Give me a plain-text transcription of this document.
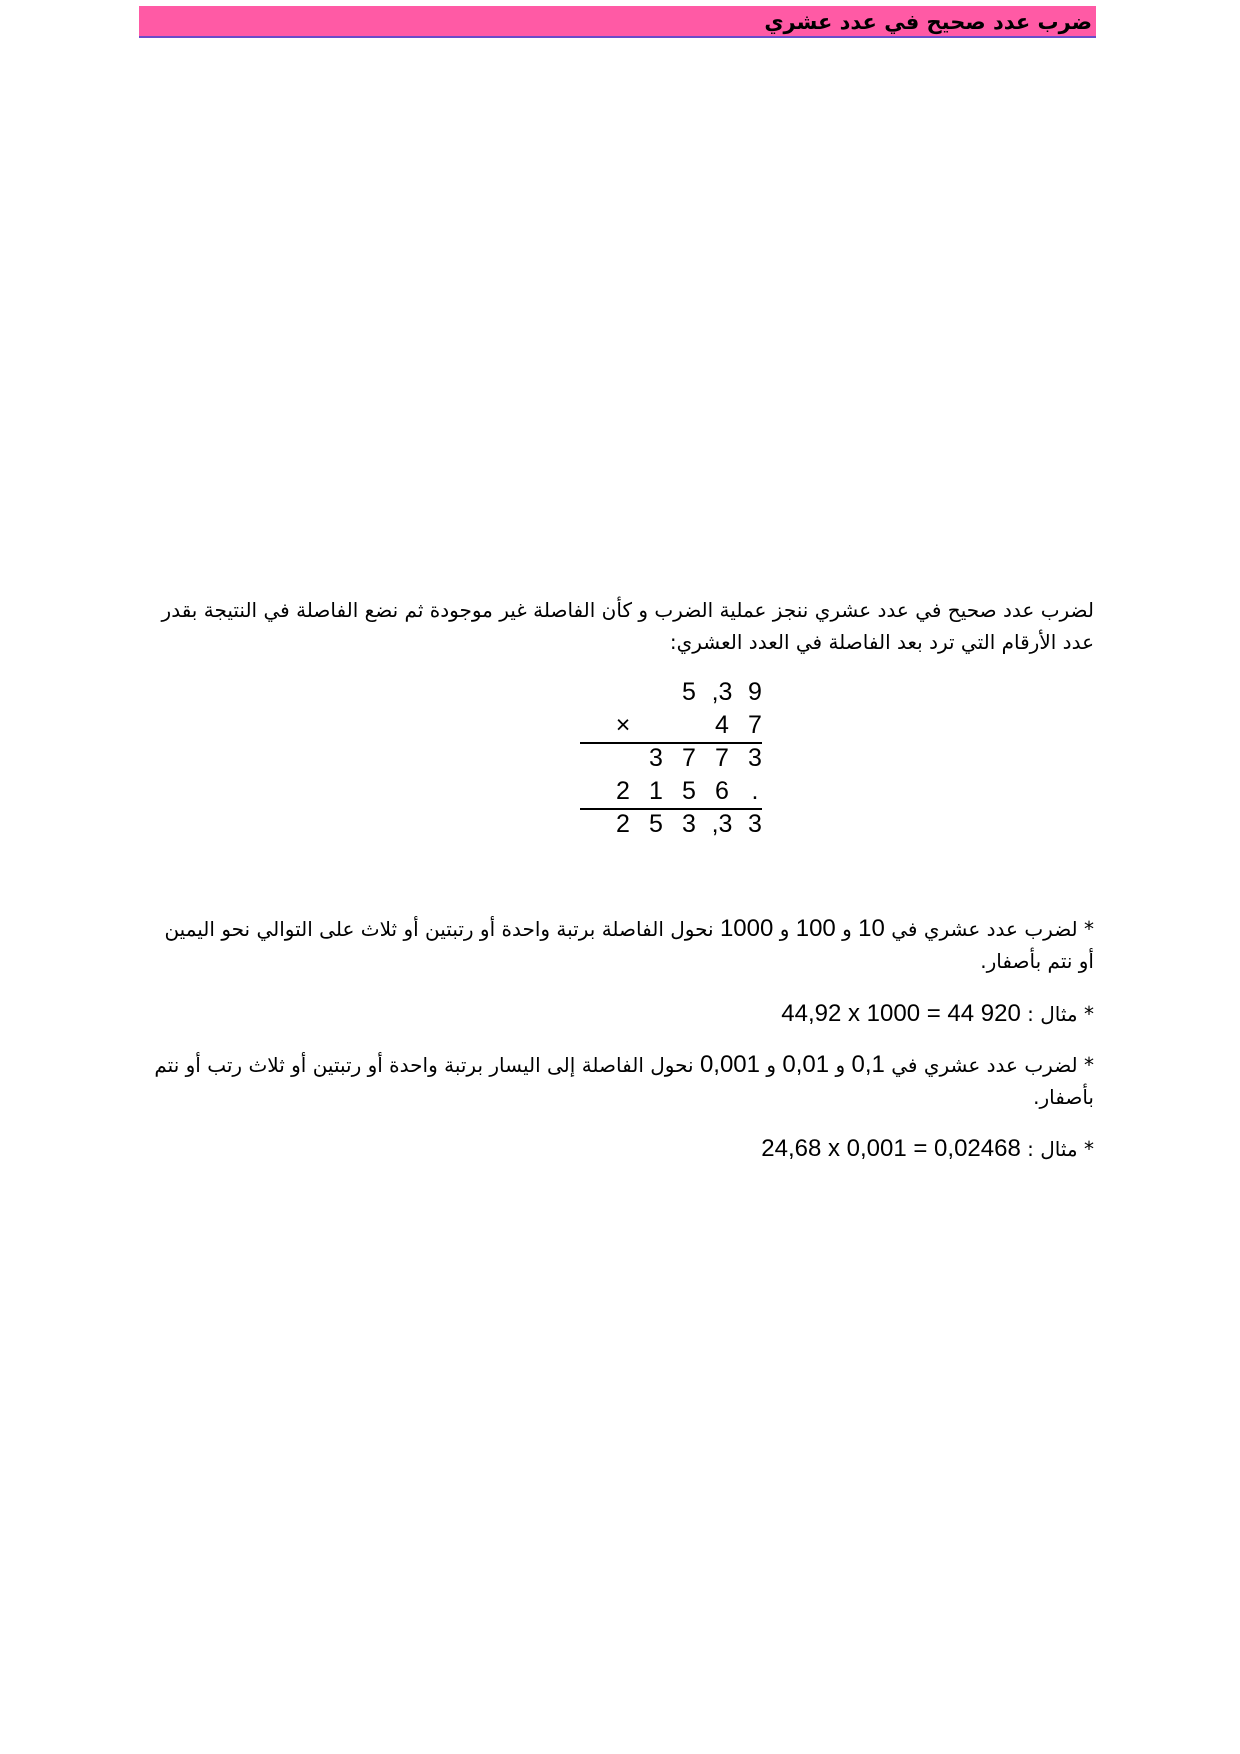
ضرب عدد صحيح في عدد عشري
لضرب عدد صحيح في عدد عشري ننجز عملية الضرب و كأن الفاصلة غير موجودة ثم نضع الفاصلة في النتيجة بقدر عدد الأرقام التي ترد بعد الفاصلة في العدد العشري:
5 ,3 9
×	4 7
3 7 7 3
2 1 5 6 .
2 5 3 ,3 3
* لضرب عدد عشري في 10 و 100 و 1000 نحول الفاصلة برتبة واحدة أو رتبتين أو ثلاث على التوالي نحو اليمين أو نتم بأصفار.
* مثال : 44,92 x 1000 = 44 920
* لضرب عدد عشري في 0,1 و 0,01 و 0,001 نحول الفاصلة إلى اليسار برتبة واحدة أو رتبتين أو ثلاث رتب أو نتم بأصفار.
* مثال : 24,68 x 0,001 = 0,02468
